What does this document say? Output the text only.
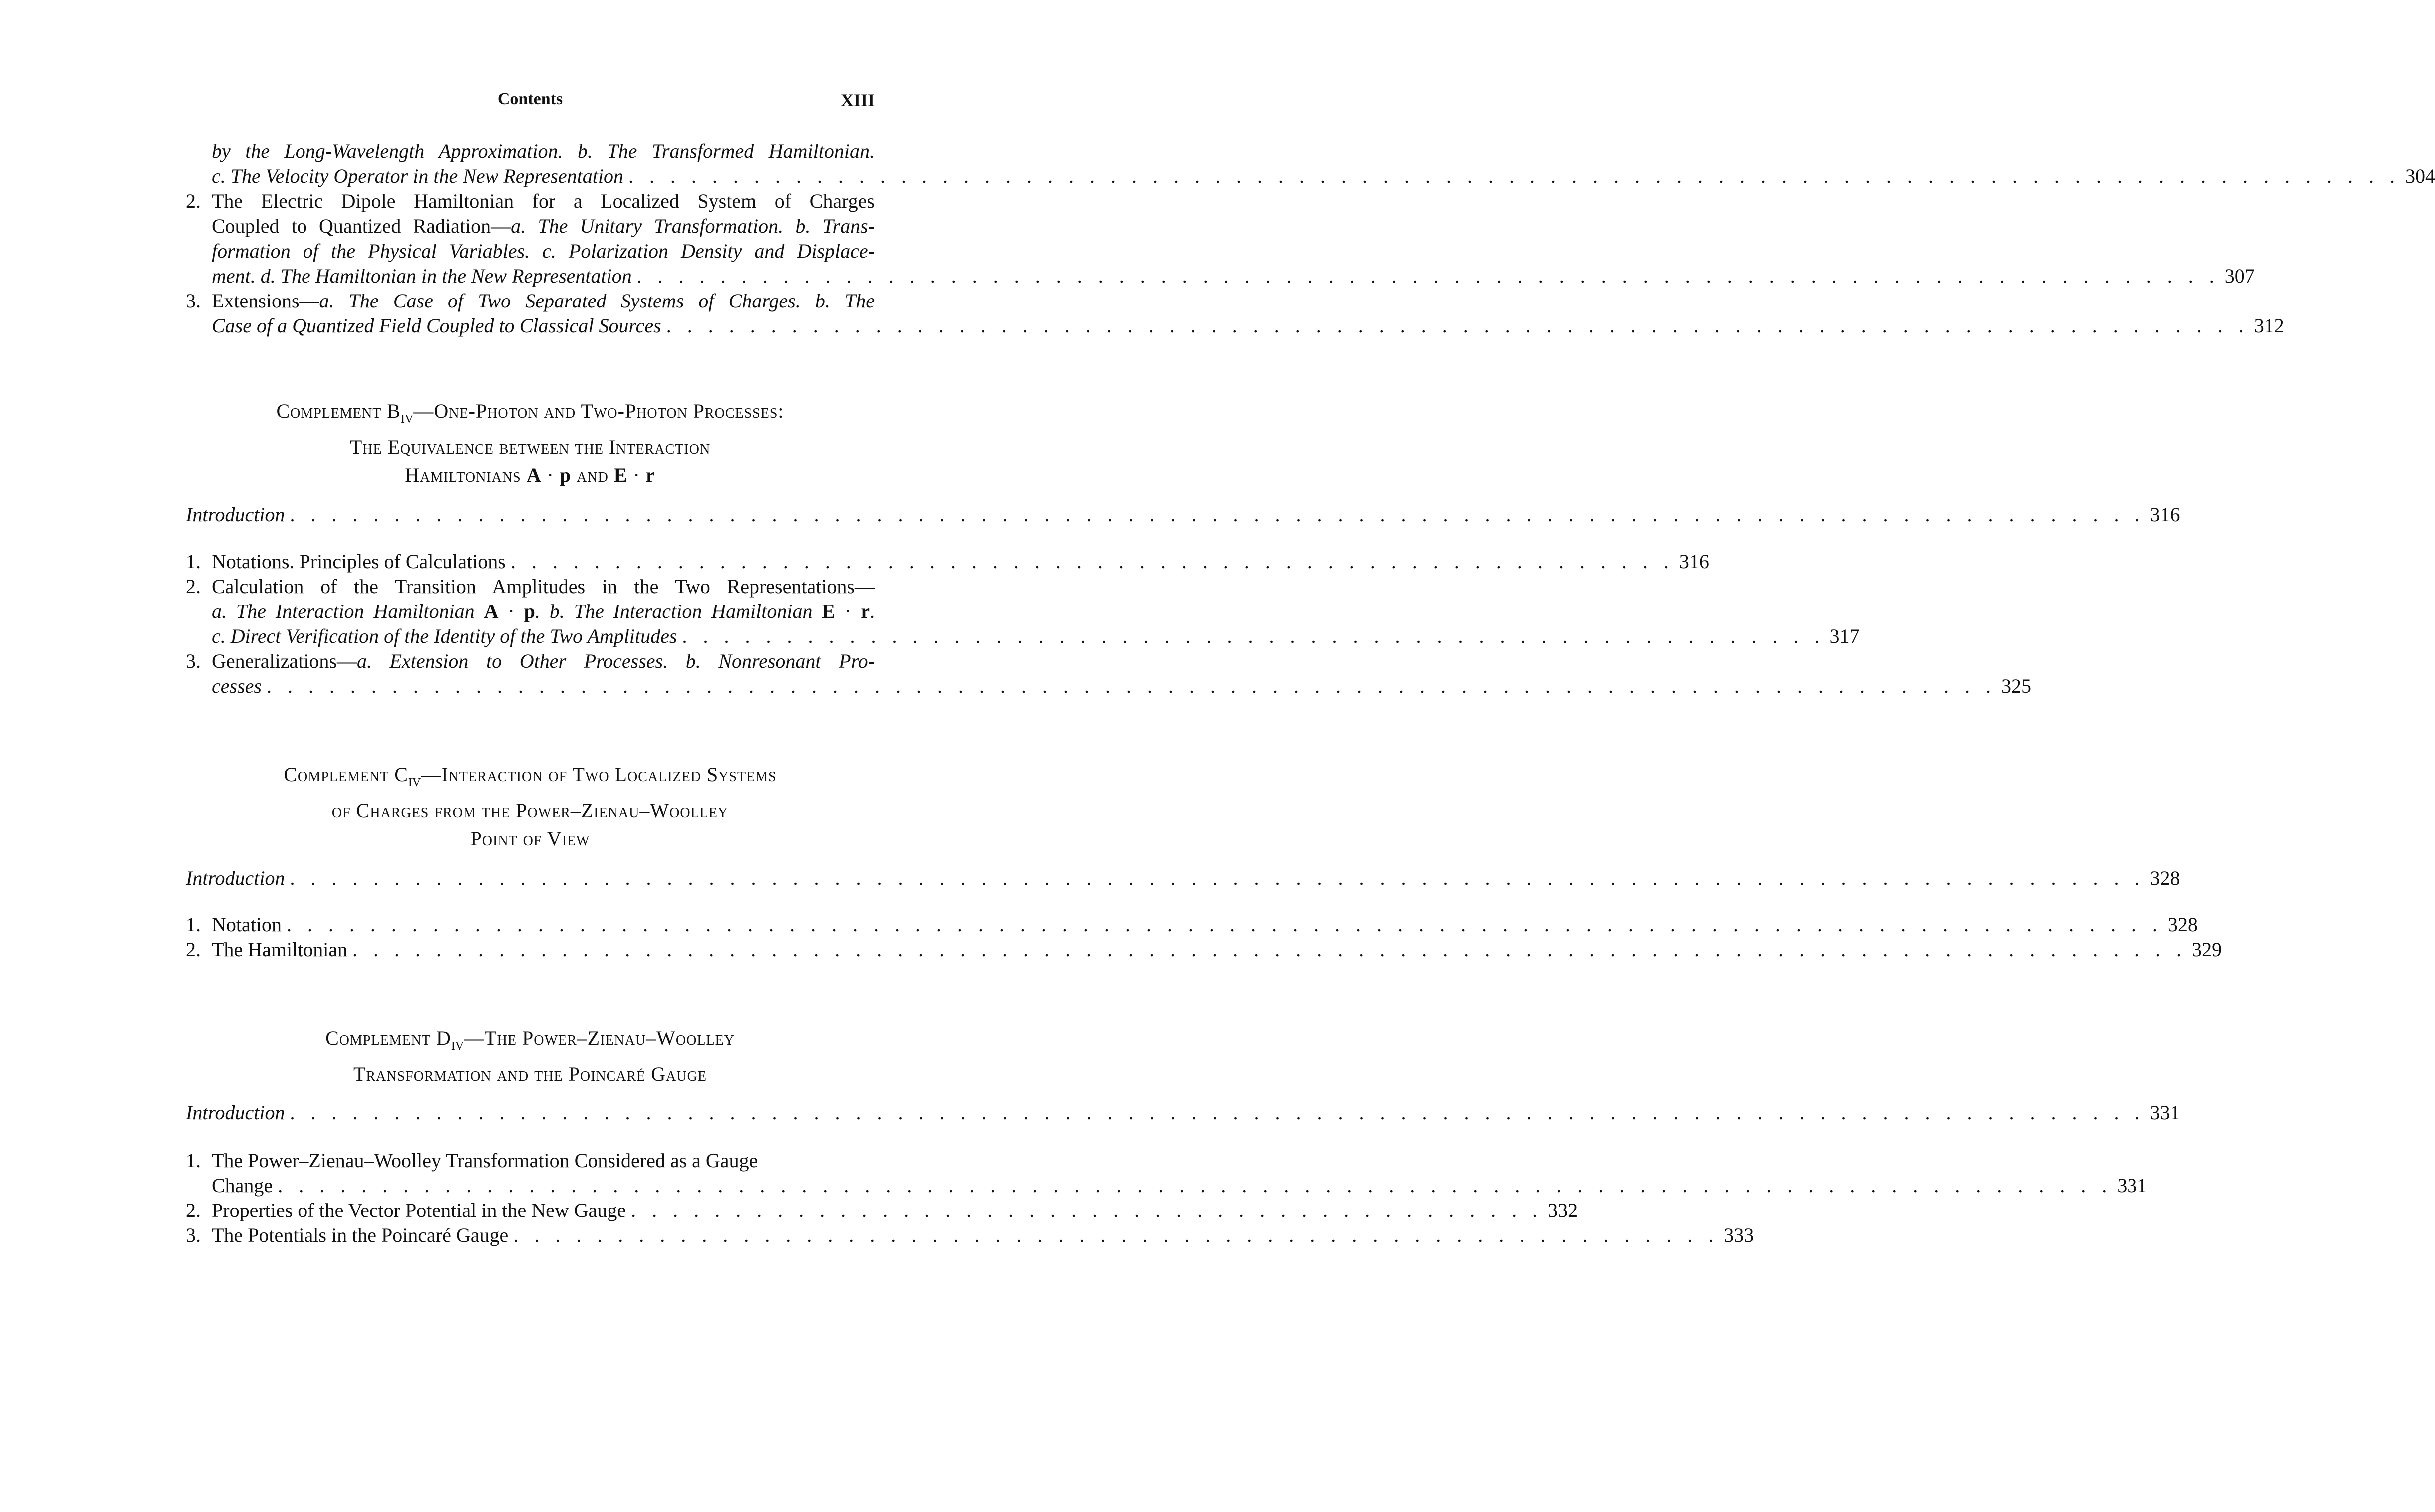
Contents	XIII
by the Long-Wavelength Approximation. b. The Transformed Hamiltonian.
c. The Velocity Operator in the New Representation . . . . . . . . . . . . . . . . . . . . . . . . . . . . . . . . . . . . . . . . . . . . . . . . . . . . . . . . . . . . . . . . . . . . . . . . . . . . . . . . . . . . . 304
2. The Electric Dipole Hamiltonian for a Localized System of Charges
Coupled to Quantized Radiation—a. The Unitary Transformation. b. Trans-
formation of the Physical Variables. c. Polarization Density and Displace-
ment. d. The Hamiltonian in the New Representation . . . . . . . . . . . . . . . . . . . . . . . . . . . . . . . . . . . . . . . . . . . . . . . . . . . . . . . . . . . . . . . . . . . . . . . . . . . . 307
3. Extensions—a. The Case of Two Separated Systems of Charges. b. The
Case of a Quantized Field Coupled to Classical Sources . . . . . . . . . . . . . . . . . . . . . . . . . . . . . . . . . . . . . . . . . . . . . . . . . . . . . . . . . . . . . . . . . . . . . . . . . . . . 312
Complement $B_{IV}—One$-Photon and Two-Photon Processes:
The Equivalence between the Interaction
Hamiltonians A · p and E · r
Introduction . . . . . . . . . . . . . . . . . . . . . . . . . . . . . . . . . . . . . . . . . . . . . . . . . . . . . . . . . . . . . . . . . . . . . . . . . . . . . . . . . . . . . . . . . 316
1. Notations. Principles of Calculations . . . . . . . . . . . . . . . . . . . . . . . . . . . . . . . . . . . . . . . . . . . . . . . . . . . . . . . . 316
2. Calculation of the Transition Amplitudes in the Two Representations—
a. The Interaction Hamiltonian A · p. b. The Interaction Hamiltonian E · r.
c. Direct Verification of the Identity of the Two Amplitudes . . . . . . . . . . . . . . . . . . . . . . . . . . . . . . . . . . . . . . . . . . . . . . . . . . . . . . . 317
3. Generalizations—a. Extension to Other Processes. b. Nonresonant Pro-
cesses . . . . . . . . . . . . . . . . . . . . . . . . . . . . . . . . . . . . . . . . . . . . . . . . . . . . . . . . . . . . . . . . . . . . . . . . . . . . . . . . . . . 325
Complement $C_{IV}—Interaction$ of Two Localized Systems
of Charges from the Power–Zienau–Woolley
Point of View
Introduction . . . . . . . . . . . . . . . . . . . . . . . . . . . . . . . . . . . . . . . . . . . . . . . . . . . . . . . . . . . . . . . . . . . . . . . . . . . . . . . . . . . . . . . . . 328
1. Notation . . . . . . . . . . . . . . . . . . . . . . . . . . . . . . . . . . . . . . . . . . . . . . . . . . . . . . . . . . . . . . . . . . . . . . . . . . . . . . . . . . . . . . . . . . 328
2. The Hamiltonian . . . . . . . . . . . . . . . . . . . . . . . . . . . . . . . . . . . . . . . . . . . . . . . . . . . . . . . . . . . . . . . . . . . . . . . . . . . . . . . . . . . . . . . . 329
Complement $D_{IV}—The$ Power–Zienau–Woolley
Transformation and the Poincaré Gauge
Introduction . . . . . . . . . . . . . . . . . . . . . . . . . . . . . . . . . . . . . . . . . . . . . . . . . . . . . . . . . . . . . . . . . . . . . . . . . . . . . . . . . . . . . . . . . 331
1. The Power–Zienau–Woolley Transformation Considered as a Gauge
Change . . . . . . . . . . . . . . . . . . . . . . . . . . . . . . . . . . . . . . . . . . . . . . . . . . . . . . . . . . . . . . . . . . . . . . . . . . . . . . . . . . . . . . . . 331
2. Properties of the Vector Potential in the New Gauge . . . . . . . . . . . . . . . . . . . . . . . . . . . . . . . . . . . . . . . . . . . . 332
3. The Potentials in the Poincaré Gauge . . . . . . . . . . . . . . . . . . . . . . . . . . . . . . . . . . . . . . . . . . . . . . . . . . . . . . . . . . 333
